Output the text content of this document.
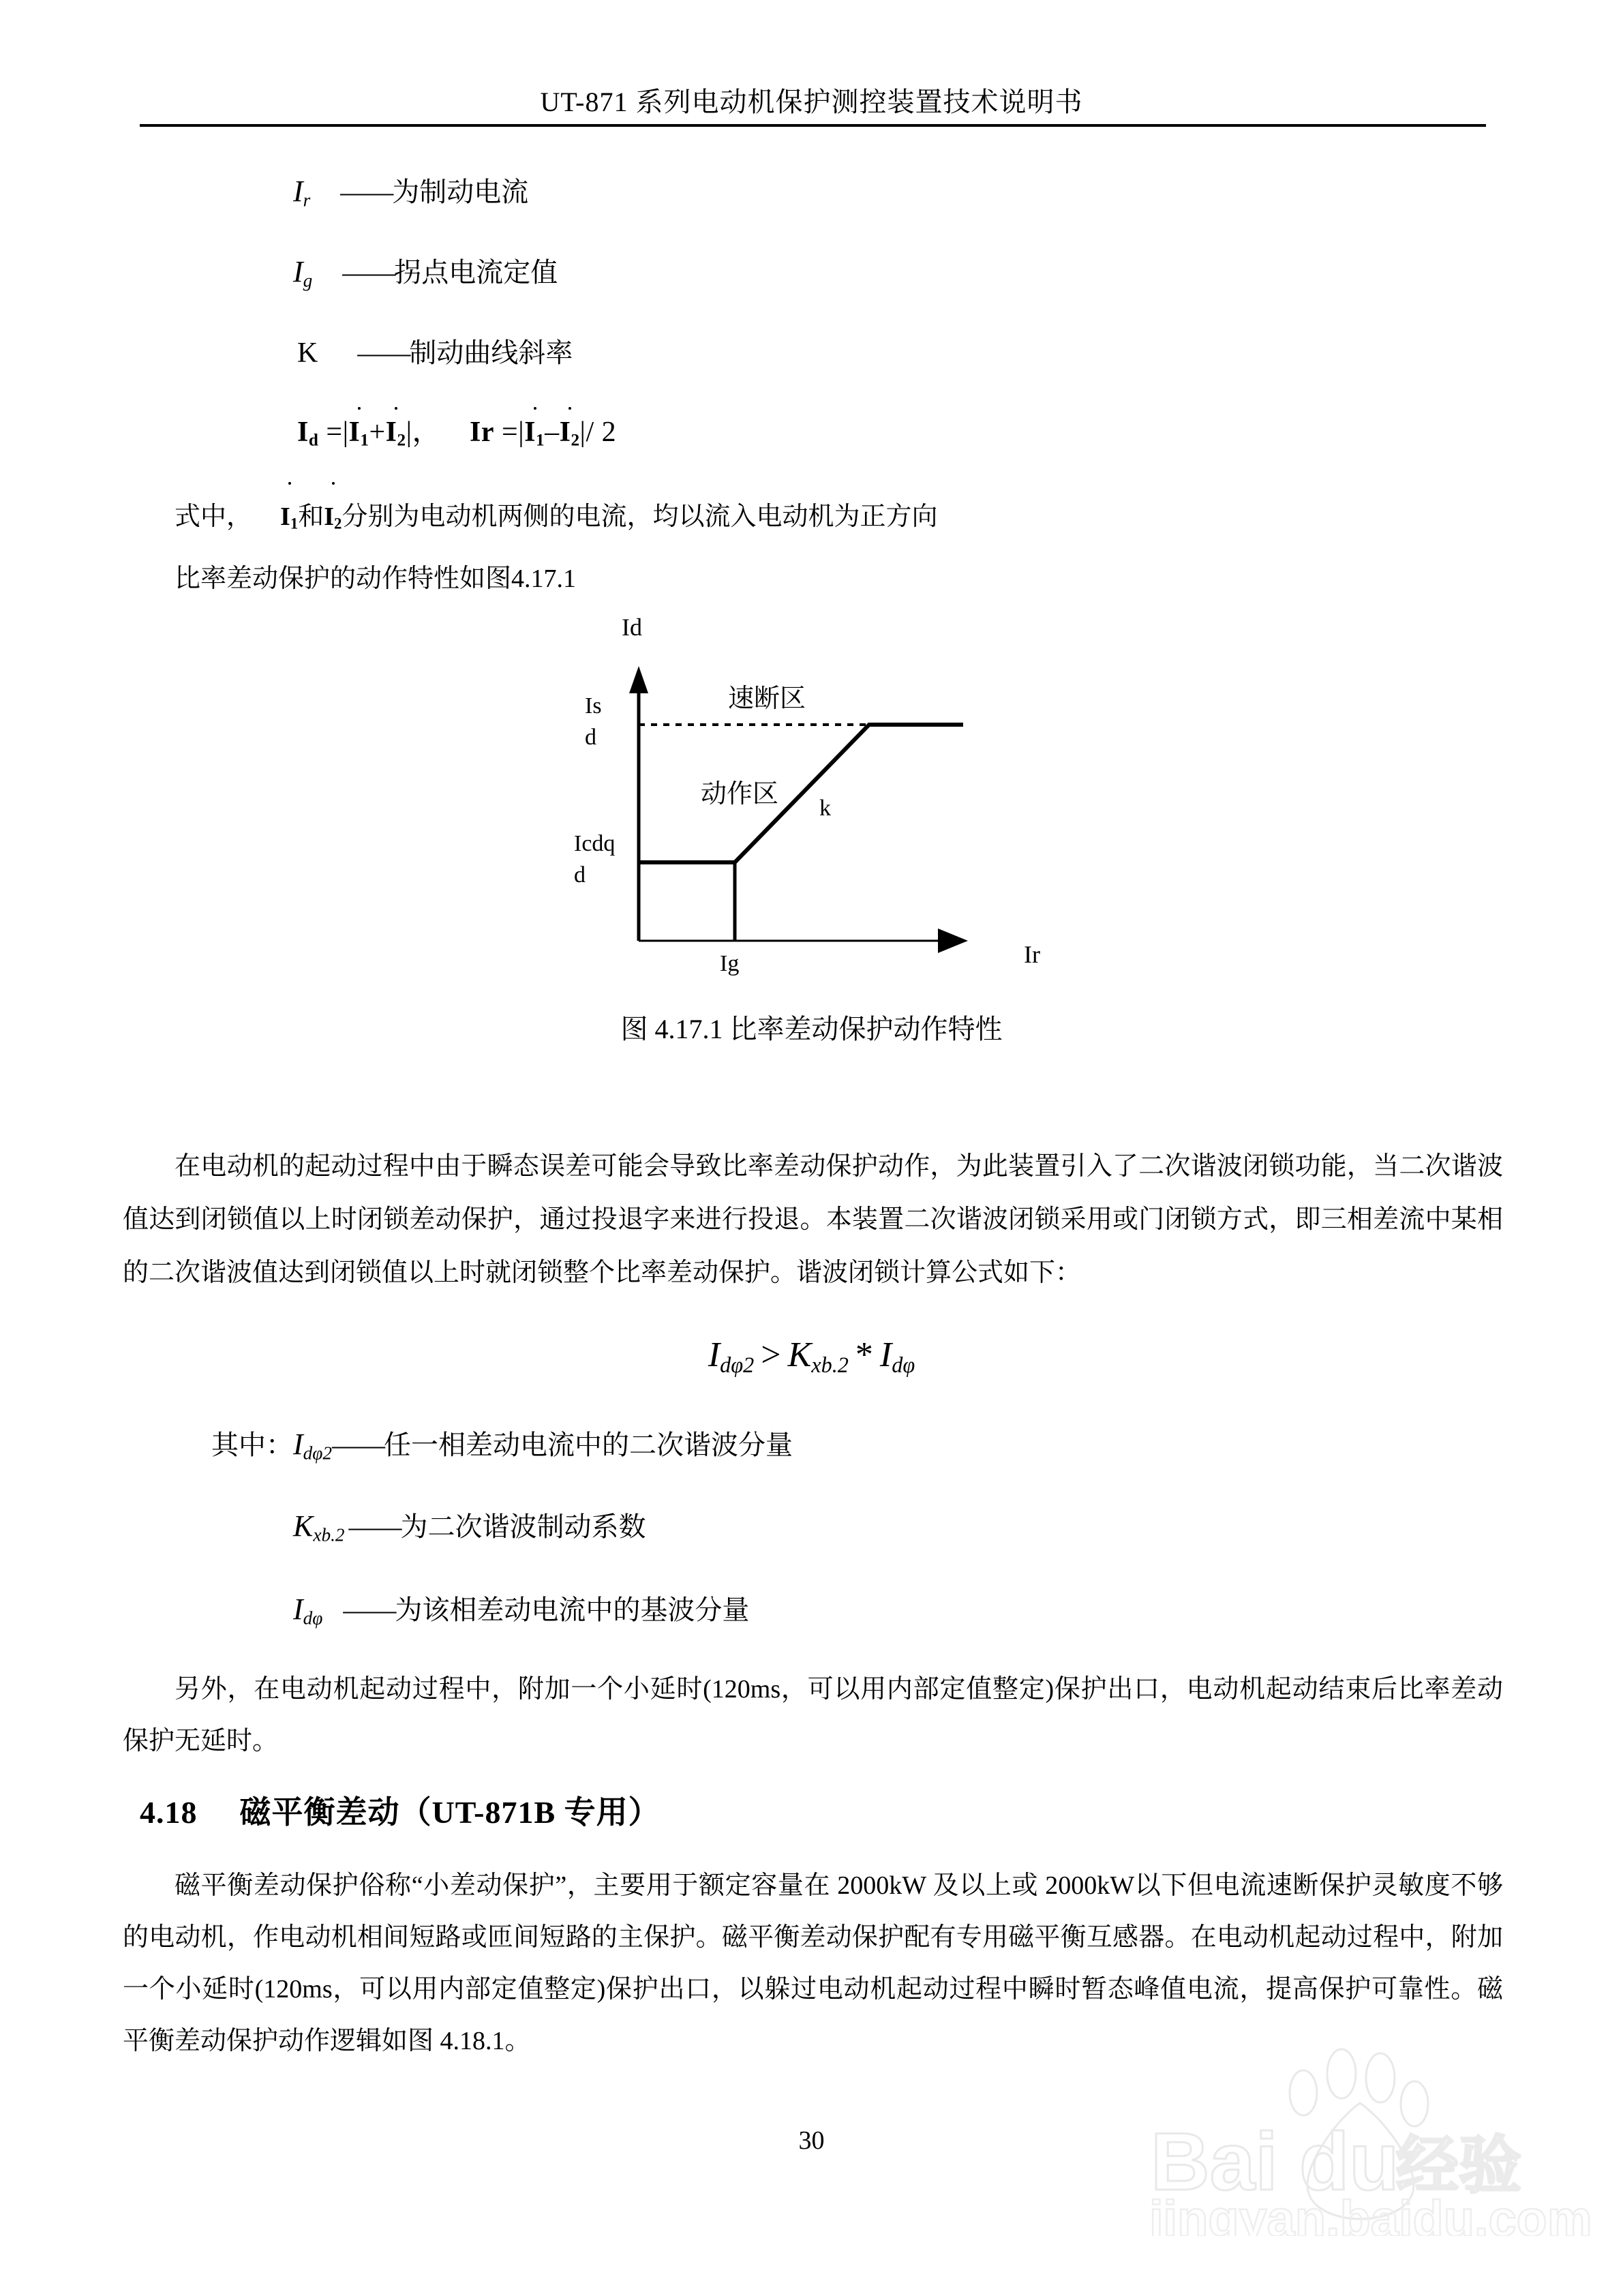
UT-871 系列电动机保护测控装置技术说明书
$I_r$ ——为制动电流
$I_g$ ——拐点电流定值
K ——制动曲线斜率
$I_d =|I_1+I_2|$， $Ir =|I_1-I_2|/$ 2
式中， $I_1$和$I_2$分别为电动机两侧的电流，均以流入电动机为正方向
比率差动保护的动作特性如图4.17.1
Id
Ir
Is
d
Icdq
d
Ig
速断区
动作区 k
图 4.17.1 比率差动保护动作特性

在电动机的起动过程中由于瞬态误差可能会导致比率差动保护动作，为此装置引入了二次谐波闭锁功能，当二次谐波值达到闭锁值以上时闭锁差动保护，通过投退字来进行投退。本装置二次谐波闭锁采用或门闭锁方式，即三相差流中某相的二次谐波值达到闭锁值以上时就闭锁整个比率差动保护。谐波闭锁计算公式如下：

$I_{d\varphi 2} > K_{xb.2} * I_{d\varphi}$
其中：$I_{d\varphi 2}——$任一相差动电流中的二次谐波分量
$K_{xb.2}$ ——为二次谐波制动系数
$I_{d\varphi}$ ——为该相差动电流中的基波分量

另外，在电动机起动过程中，附加一个小延时(120ms，可以用内部定值整定)保护出口，电动机起动结束后比率差动保护无延时。

4.18 磁平衡差动（UT-871B 专用）

磁平衡差动保护俗称“小差动保护”，主要用于额定容量在 2000kW 及以上或 2000kW以下但电流速断保护灵敏度不够的电动机，作电动机相间短路或匝间短路的主保护。磁平衡差动保护配有专用磁平衡互感器。在电动机起动过程中，附加一个小延时(120ms，可以用内部定值整定)保护出口，以躲过电动机起动过程中瞬时暂态峰值电流，提高保护可靠性。磁平衡差动保护动作逻辑如图 4.18.1。

30	Bai du
经验
jingyan.baidu.com
